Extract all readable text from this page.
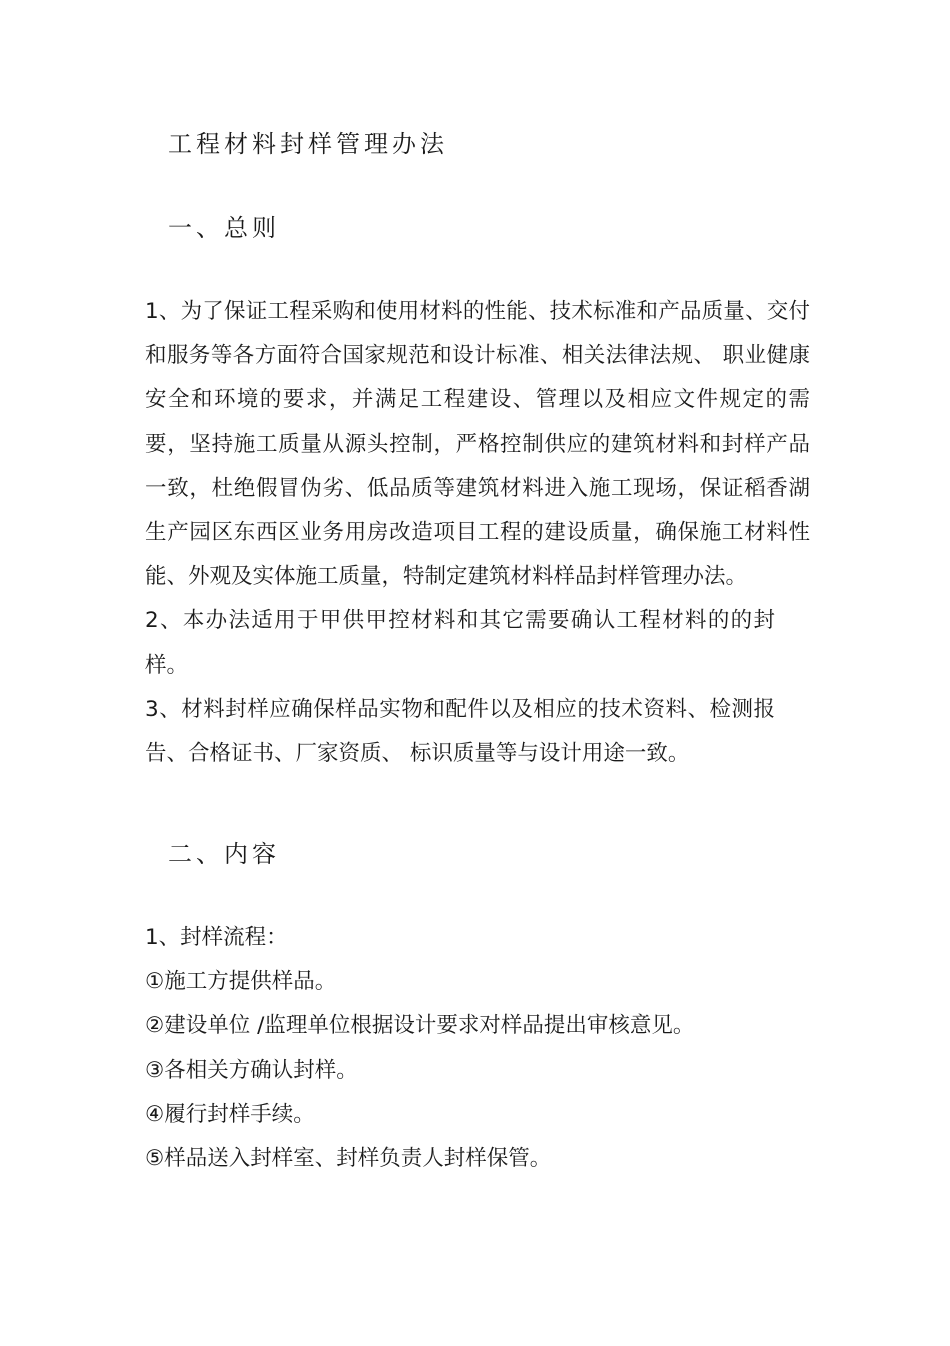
工程材料封样管理办法
一、总则

1、为了保证工程采购和使用材料的性能、技术标准和产品质量、交付和服务等各方面符合国家规范和设计标准、相关法律法规、 职业健康安全和环境的要求，并满足工程建设、管理以及相应文件规定的需要，坚持施工质量从源头控制，严格控制供应的建筑材料和封样产品一致，杜绝假冒伪劣、低品质等建筑材料进入施工现场，保证稻香湖生产园区东西区业务用房改造项目工程的建设质量，确保施工材料性能、外观及实体施工质量，特制定建筑材料样品封样管理办法。

2、本办法适用于甲供甲控材料和其它需要确认工程材料的的封样。

3、材料封样应确保样品实物和配件以及相应的技术资料、检测报告、合格证书、厂家资质、 标识质量等与设计用途一致。

二、内容

1、封样流程：

①施工方提供样品。

②建设单位 /监理单位根据设计要求对样品提出审核意见。

③各相关方确认封样。

④履行封样手续。

⑤样品送入封样室、封样负责人封样保管。
